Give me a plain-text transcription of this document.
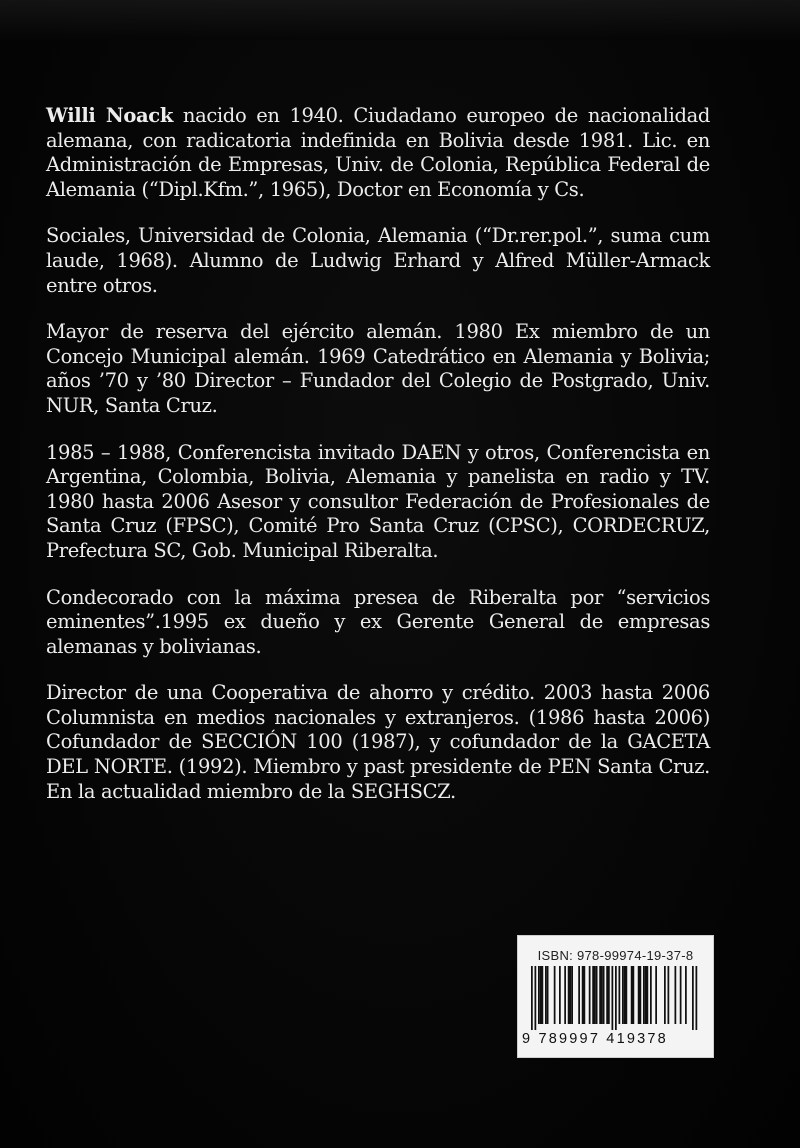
Willi Noack nacido en 1940. Ciudadano europeo de nacionalidad alemana, con radicatoria indefinida en Bolivia desde 1981. Lic. en Administración de Empresas, Univ. de Colonia, República Federal de Alemania (“Dipl.Kfm.”, 1965), Doctor en Economía y Cs.

Sociales, Universidad de Colonia, Alemania (“Dr.rer.pol.”, suma cum laude, 1968). Alumno de Ludwig Erhard y Alfred Müller-Armack entre otros.

Mayor de reserva del ejército alemán. 1980 Ex miembro de un Concejo Municipal alemán. 1969 Catedrático en Alemania y Bolivia; años ’70 y ’80 Director – Fundador del Colegio de Postgrado, Univ. NUR, Santa Cruz.

1985 – 1988, Conferencista invitado DAEN y otros, Conferencista en Argentina, Colombia, Bolivia, Alemania y panelista en radio y TV. 1980 hasta 2006 Asesor y consultor Federación de Profesionales de Santa Cruz (FPSC), Comité Pro Santa Cruz (CPSC), CORDECRUZ, Prefectura SC, Gob. Municipal Riberalta.

Condecorado con la máxima presea de Riberalta por “servicios eminentes”.1995 ex dueño y ex Gerente General de empresas alemanas y bolivianas.

Director de una Cooperativa de ahorro y crédito. 2003 hasta 2006 Columnista en medios nacionales y extranjeros. (1986 hasta 2006) Cofundador de SECCIÓN 100 (1987), y cofundador de la GACETA DEL NORTE. (1992). Miembro y past presidente de PEN Santa Cruz. En la actualidad miembro de la SEGHSCZ.

ISBN: 978-99974-19-37-8
9 789997 419378
